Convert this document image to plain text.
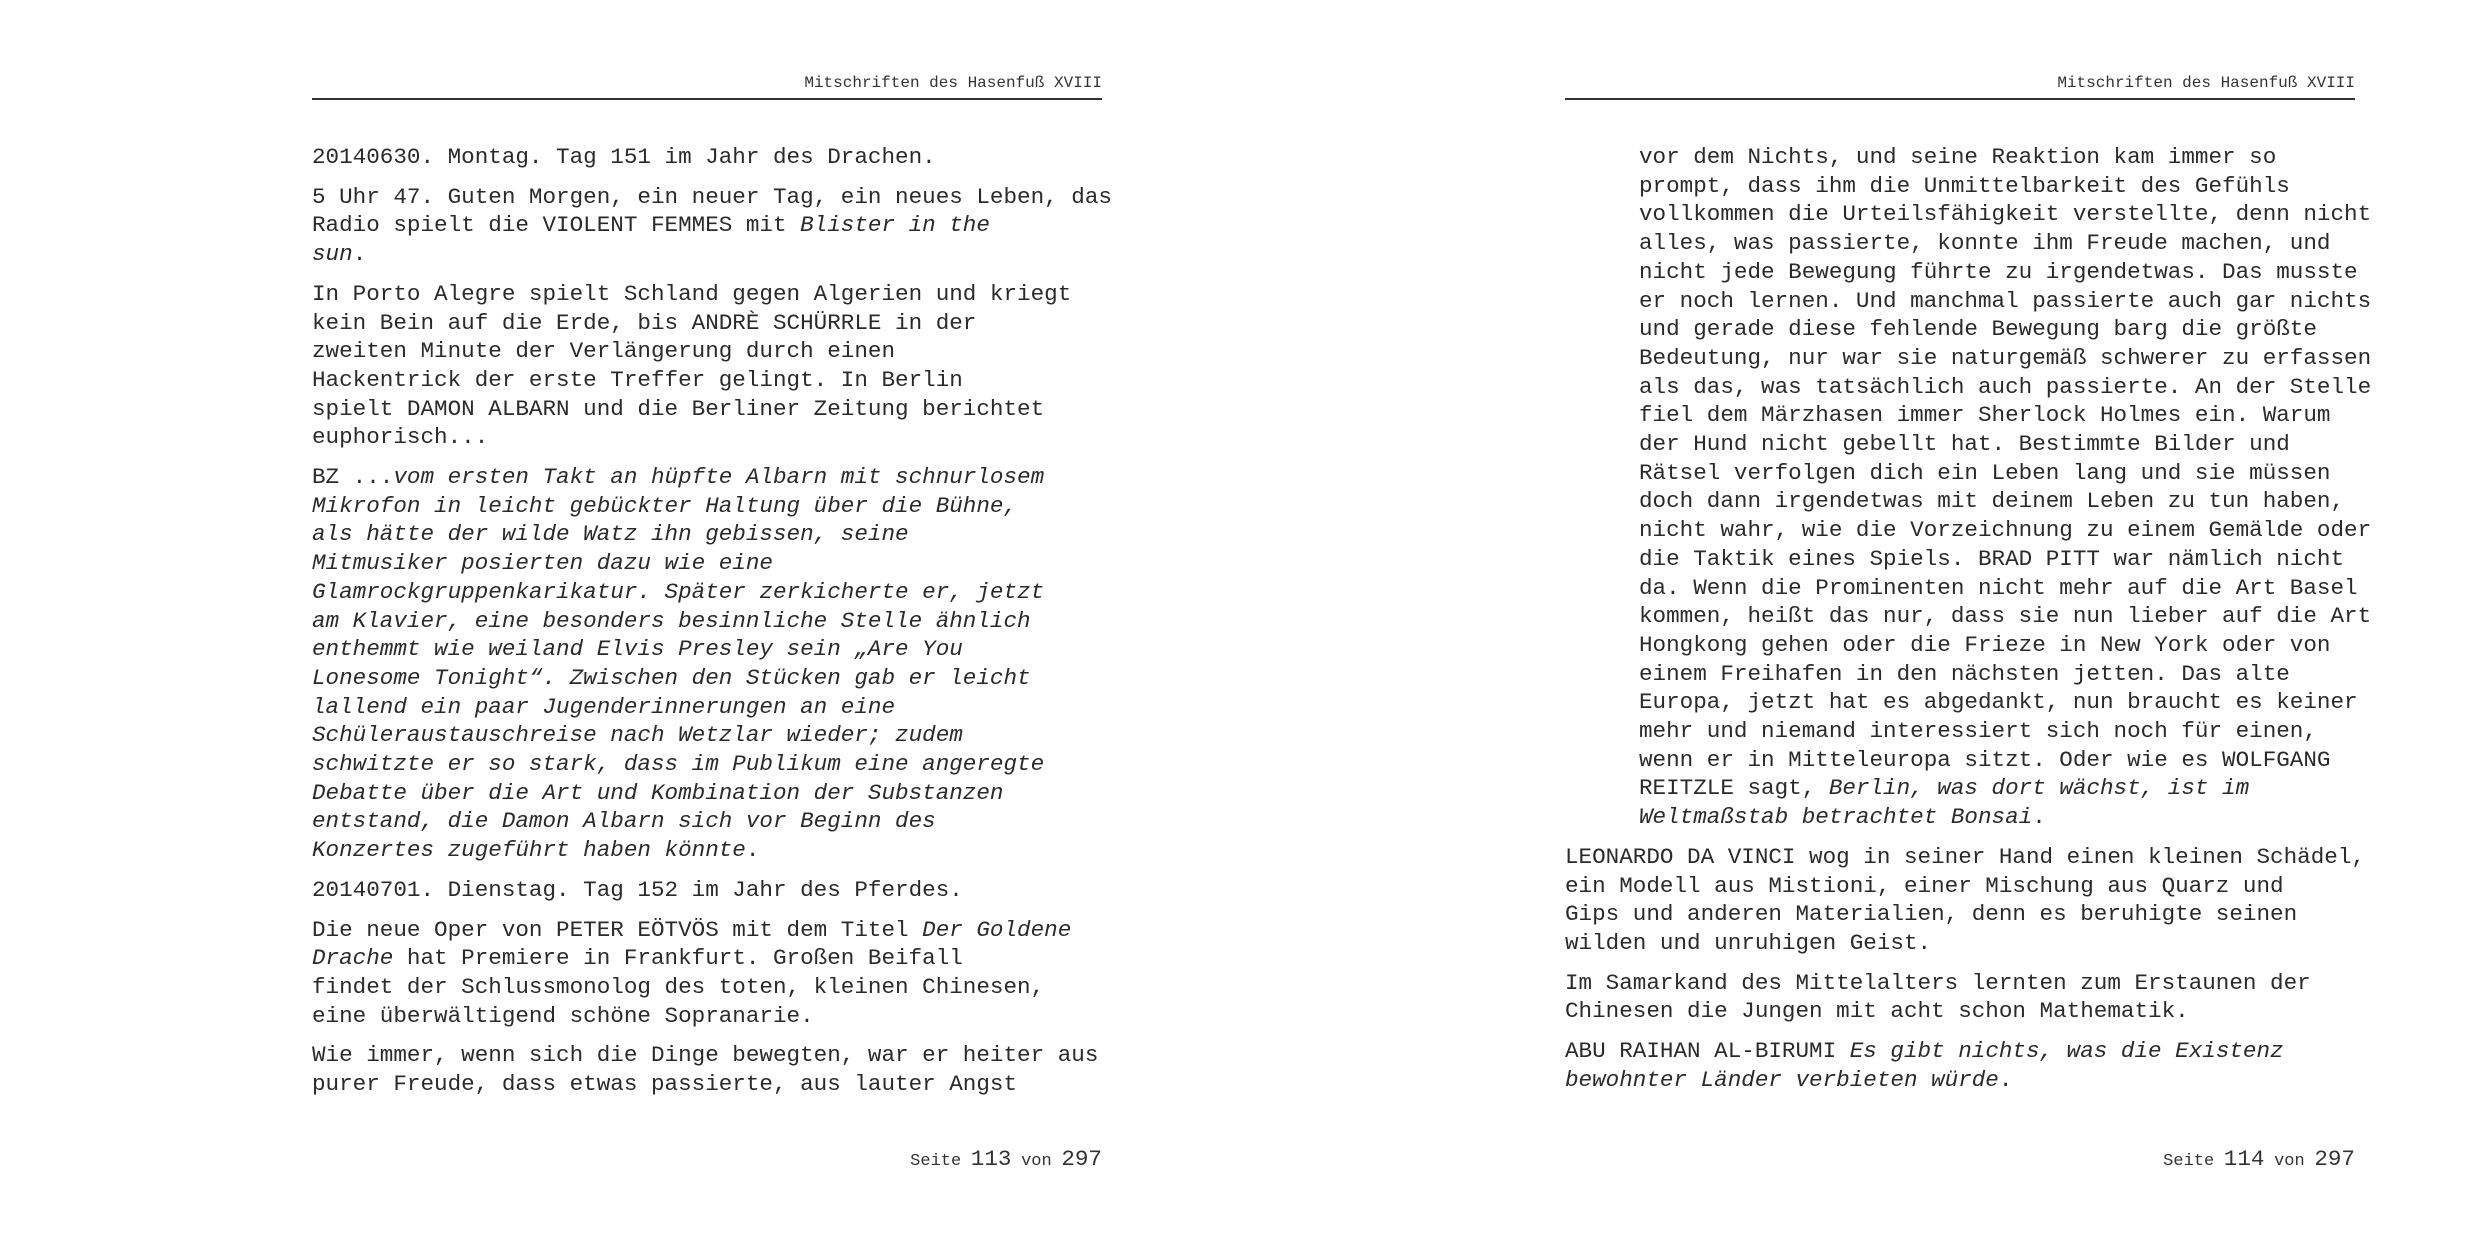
Mitschriften des Hasenfuß XVIII

20140630. Montag. Tag 151 im Jahr des Drachen.

5 Uhr 47. Guten Morgen, ein neuer Tag, ein neues Leben, das
Radio spielt die VIOLENT FEMMES mit Blister in the
sun.

In Porto Alegre spielt Schland gegen Algerien und kriegt
kein Bein auf die Erde, bis ANDRÈ SCHÜRRLE in der
zweiten Minute der Verlängerung durch einen
Hackentrick der erste Treffer gelingt. In Berlin
spielt DAMON ALBARN und die Berliner Zeitung berichtet
euphorisch...

BZ ...vom ersten Takt an hüpfte Albarn mit schnurlosem
Mikrofon in leicht gebückter Haltung über die Bühne,
als hätte der wilde Watz ihn gebissen, seine
Mitmusiker posierten dazu wie eine
Glamrockgruppenkarikatur. Später zerkicherte er, jetzt
am Klavier, eine besonders besinnliche Stelle ähnlich
enthemmt wie weiland Elvis Presley sein „Are You
Lonesome Tonight“. Zwischen den Stücken gab er leicht
lallend ein paar Jugenderinnerungen an eine
Schüleraustauschreise nach Wetzlar wieder; zudem
schwitzte er so stark, dass im Publikum eine angeregte
Debatte über die Art und Kombination der Substanzen
entstand, die Damon Albarn sich vor Beginn des
Konzertes zugeführt haben könnte.

20140701. Dienstag. Tag 152 im Jahr des Pferdes.

Die neue Oper von PETER EÖTVÖS mit dem Titel Der Goldene
Drache hat Premiere in Frankfurt. Großen Beifall
findet der Schlussmonolog des toten, kleinen Chinesen,
eine überwältigend schöne Sopranarie.

Wie immer, wenn sich die Dinge bewegten, war er heiter aus
purer Freude, dass etwas passierte, aus lauter Angst

Seite 113 von 297
Mitschriften des Hasenfuß XVIII

vor dem Nichts, und seine Reaktion kam immer so
prompt, dass ihm die Unmittelbarkeit des Gefühls
vollkommen die Urteilsfähigkeit verstellte, denn nicht
alles, was passierte, konnte ihm Freude machen, und
nicht jede Bewegung führte zu irgendetwas. Das musste
er noch lernen. Und manchmal passierte auch gar nichts
und gerade diese fehlende Bewegung barg die größte
Bedeutung, nur war sie naturgemäß schwerer zu erfassen
als das, was tatsächlich auch passierte. An der Stelle
fiel dem Märzhasen immer Sherlock Holmes ein. Warum
der Hund nicht gebellt hat. Bestimmte Bilder und
Rätsel verfolgen dich ein Leben lang und sie müssen
doch dann irgendetwas mit deinem Leben zu tun haben,
nicht wahr, wie die Vorzeichnung zu einem Gemälde oder
die Taktik eines Spiels. BRAD PITT war nämlich nicht
da. Wenn die Prominenten nicht mehr auf die Art Basel
kommen, heißt das nur, dass sie nun lieber auf die Art
Hongkong gehen oder die Frieze in New York oder von
einem Freihafen in den nächsten jetten. Das alte
Europa, jetzt hat es abgedankt, nun braucht es keiner
mehr und niemand interessiert sich noch für einen,
wenn er in Mitteleuropa sitzt. Oder wie es WOLFGANG
REITZLE sagt, Berlin, was dort wächst, ist im
Weltmaßstab betrachtet Bonsai.

LEONARDO DA VINCI wog in seiner Hand einen kleinen Schädel,
ein Modell aus Mistioni, einer Mischung aus Quarz und
Gips und anderen Materialien, denn es beruhigte seinen
wilden und unruhigen Geist.

Im Samarkand des Mittelalters lernten zum Erstaunen der
Chinesen die Jungen mit acht schon Mathematik.

ABU RAIHAN AL-BIRUMI Es gibt nichts, was die Existenz
bewohnter Länder verbieten würde.

Seite 114 von 297
